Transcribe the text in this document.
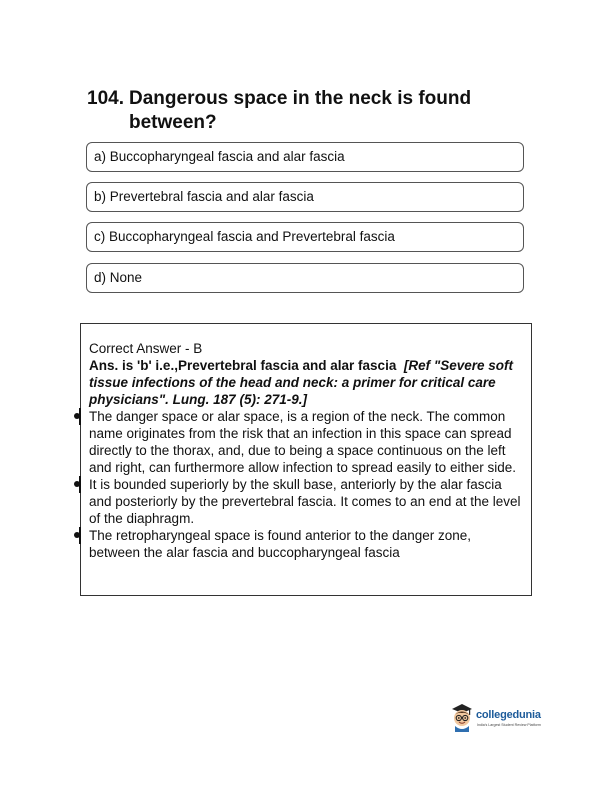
104. Dangerous space in the neck is found between?
a) Buccopharyngeal fascia and alar fascia
b) Prevertebral fascia and alar fascia
c) Buccopharyngeal fascia and Prevertebral fascia
d) None
Correct Answer - B
Ans. is 'b' i.e.,Prevertebral fascia and alar fascia [Ref "Severe soft tissue infections of the head and neck: a primer for critical care physicians". Lung. 187 (5): 271-9.]
The danger space or alar space, is a region of the neck. The common name originates from the risk that an infection in this space can spread directly to the thorax, and, due to being a space continuous on the left and right, can furthermore allow infection to spread easily to either side.
It is bounded superiorly by the skull base, anteriorly by the alar fascia and posteriorly by the prevertebral fascia. It comes to an end at the level of the diaphragm.
The retropharyngeal space is found anterior to the danger zone, between the alar fascia and buccopharyngeal fascia
collegedunia
India's Largest Student Review Platform
